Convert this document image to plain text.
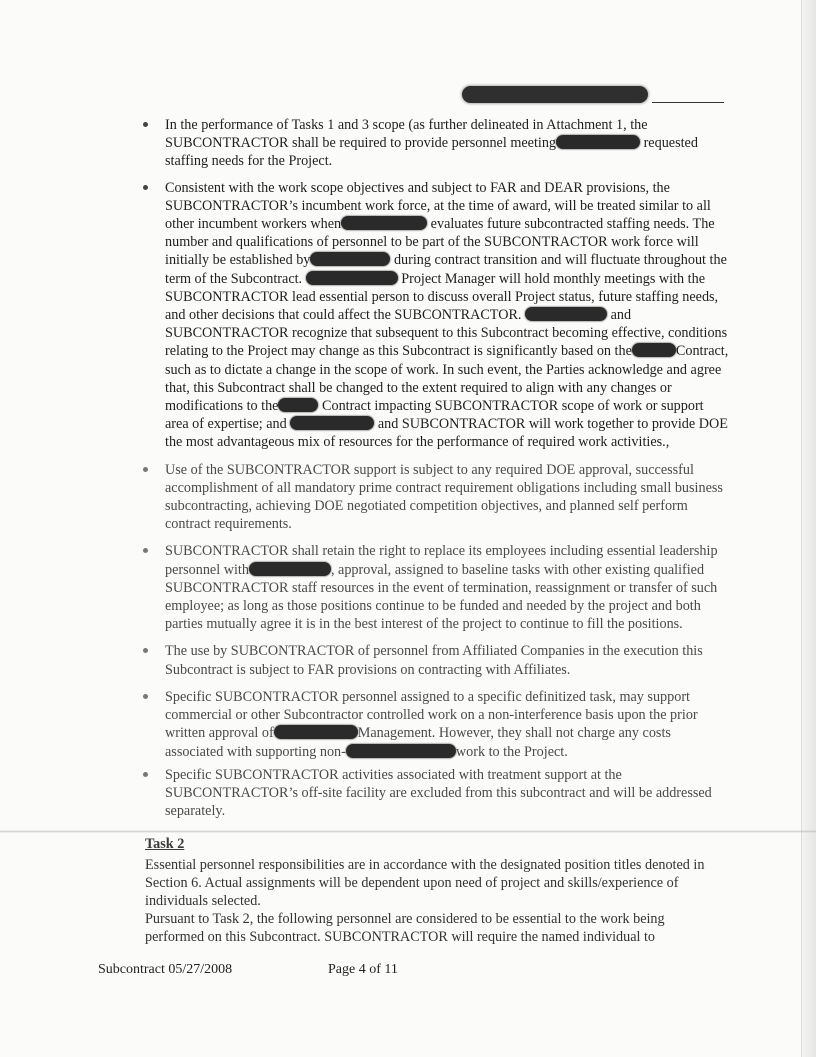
In the performance of Tasks 1 and 3 scope (as further delineated in Attachment 1, the SUBCONTRACTOR shall be required to provide personnel meeting	requested staffing needs for the Project.
Consistent with the work scope objectives and subject to FAR and DEAR provisions, the SUBCONTRACTOR’s incumbent work force, at the time of award, will be treated similar to all other incumbent workers when	evaluates future subcontracted staffing needs. The number and qualifications of personnel to be part of the SUBCONTRACTOR work force will initially be established by	during contract transition and will fluctuate throughout the term of the Subcontract.	Project Manager will hold monthly meetings with the SUBCONTRACTOR lead essential person to discuss overall Project status, future staffing needs, and other decisions that could affect the SUBCONTRACTOR.	and SUBCONTRACTOR recognize that subsequent to this Subcontract becoming effective, conditions relating to the Project may change as this Subcontract is significantly based on the	Contract, such as to dictate a change in the scope of work. In such event, the Parties acknowledge and agree that, this Subcontract shall be changed to the extent required to align with any changes or modifications to the	Contract impacting SUBCONTRACTOR scope of work or support area of expertise; and	and SUBCONTRACTOR will work together to provide DOE the most advantageous mix of resources for the performance of required work activities.,
Use of the SUBCONTRACTOR support is subject to any required DOE approval, successful accomplishment of all mandatory prime contract requirement obligations including small business subcontracting, achieving DOE negotiated competition objectives, and planned self perform contract requirements.
SUBCONTRACTOR shall retain the right to replace its employees including essential leadership personnel with	, approval, assigned to baseline tasks with other existing qualified SUBCONTRACTOR staff resources in the event of termination, reassignment or transfer of such employee; as long as those positions continue to be funded and needed by the project and both parties mutually agree it is in the best interest of the project to continue to fill the positions.
The use by SUBCONTRACTOR of personnel from Affiliated Companies in the execution this Subcontract is subject to FAR provisions on contracting with Affiliates.
Specific SUBCONTRACTOR personnel assigned to a specific definitized task, may support commercial or other Subcontractor controlled work on a non-interference basis upon the prior written approval of	Management. However, they shall not charge any costs associated with supporting non-	work to the Project.
Specific SUBCONTRACTOR activities associated with treatment support at the SUBCONTRACTOR’s off-site facility are excluded from this subcontract and will be addressed separately.

Task 2

Essential personnel responsibilities are in accordance with the designated position titles denoted in Section 6. Actual assignments will be dependent upon need of project and skills/experience of individuals selected.

Pursuant to Task 2, the following personnel are considered to be essential to the work being performed on this Subcontract. SUBCONTRACTOR will require the named individual to

Subcontract 05/27/2008	Page 4 of 11
